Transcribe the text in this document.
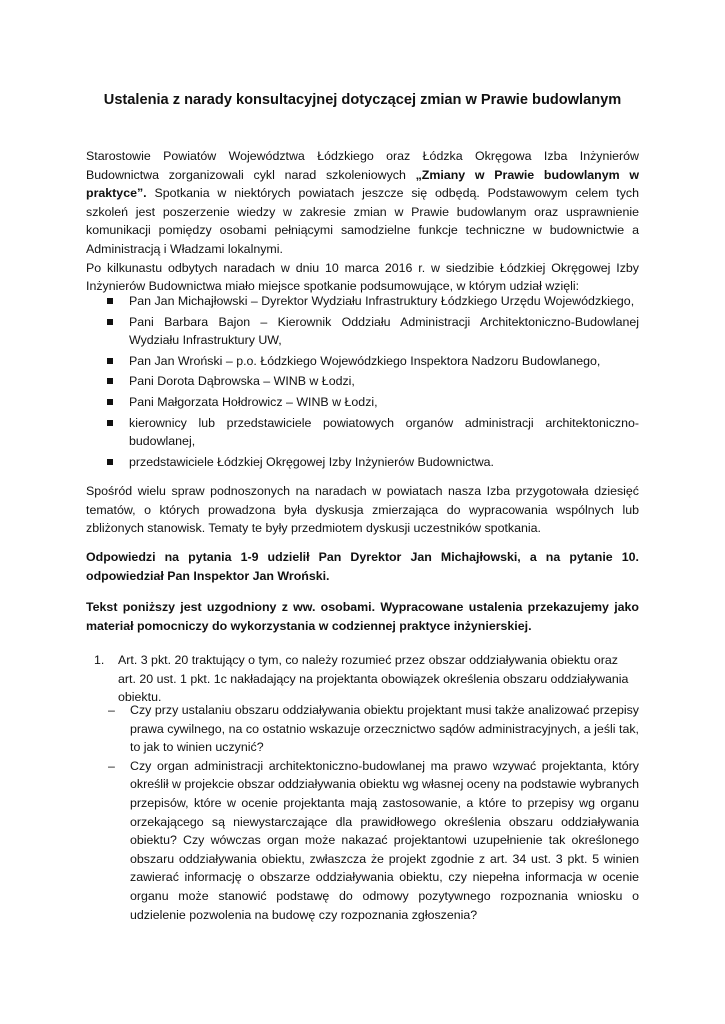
Ustalenia z narady konsultacyjnej dotyczącej zmian w Prawie budowlanym
Starostowie Powiatów Województwa Łódzkiego oraz Łódzka Okręgowa Izba Inżynierów Budownictwa zorganizowali cykl narad szkoleniowych „Zmiany w Prawie budowlanym w praktyce”. Spotkania w niektórych powiatach jeszcze się odbędą. Podstawowym celem tych szkoleń jest poszerzenie wiedzy w zakresie zmian w Prawie budowlanym oraz usprawnienie komunikacji pomiędzy osobami pełniącymi samodzielne funkcje techniczne w budownictwie a Administracją i Władzami lokalnymi.
Po kilkunastu odbytych naradach w dniu 10 marca 2016 r. w siedzibie Łódzkiej Okręgowej Izby Inżynierów Budownictwa miało miejsce spotkanie podsumowujące, w którym udział wzięli:
Pan Jan Michajłowski – Dyrektor Wydziału Infrastruktury Łódzkiego Urzędu Wojewódzkiego,
Pani Barbara Bajon – Kierownik Oddziału Administracji Architektoniczno-Budowlanej Wydziału Infrastruktury UW,
Pan Jan Wroński – p.o. Łódzkiego Wojewódzkiego Inspektora Nadzoru Budowlanego,
Pani Dorota Dąbrowska – WINB w Łodzi,
Pani Małgorzata Hołdrowicz – WINB w Łodzi,
kierownicy lub przedstawiciele powiatowych organów administracji architektoniczno-budowlanej,
przedstawiciele Łódzkiej Okręgowej Izby Inżynierów Budownictwa.
Spośród wielu spraw podnoszonych na naradach w powiatach nasza Izba przygotowała dziesięć tematów, o których prowadzona była dyskusja zmierzająca do wypracowania wspólnych lub zbliżonych stanowisk. Tematy te były przedmiotem dyskusji uczestników spotkania.
Odpowiedzi na pytania 1-9 udzielił Pan Dyrektor Jan Michajłowski, a na pytanie 10. odpowiedział Pan Inspektor Jan Wroński.
Tekst poniższy jest uzgodniony z ww. osobami. Wypracowane ustalenia przekazujemy jako materiał pomocniczy do wykorzystania w codziennej praktyce inżynierskiej.
1. Art. 3 pkt. 20 traktujący o tym, co należy rozumieć przez obszar oddziaływania obiektu oraz art. 20 ust. 1 pkt. 1c nakładający na projektanta obowiązek określenia obszaru oddziaływania obiektu.
– Czy przy ustalaniu obszaru oddziaływania obiektu projektant musi także analizować przepisy prawa cywilnego, na co ostatnio wskazuje orzecznictwo sądów administracyjnych, a jeśli tak, to jak to winien uczynić?
– Czy organ administracji architektoniczno-budowlanej ma prawo wzywać projektanta, który określił w projekcie obszar oddziaływania obiektu wg własnej oceny na podstawie wybranych przepisów, które w ocenie projektanta mają zastosowanie, a które to przepisy wg organu orzekającego są niewystarczające dla prawidłowego określenia obszaru oddziaływania obiektu? Czy wówczas organ może nakazać projektantowi uzupełnienie tak określonego obszaru oddziaływania obiektu, zwłaszcza że projekt zgodnie z art. 34 ust. 3 pkt. 5 winien zawierać informację o obszarze oddziaływania obiektu, czy niepełna informacja w ocenie organu może stanowić podstawę do odmowy pozytywnego rozpoznania wniosku o udzielenie pozwolenia na budowę czy rozpoznania zgłoszenia?
